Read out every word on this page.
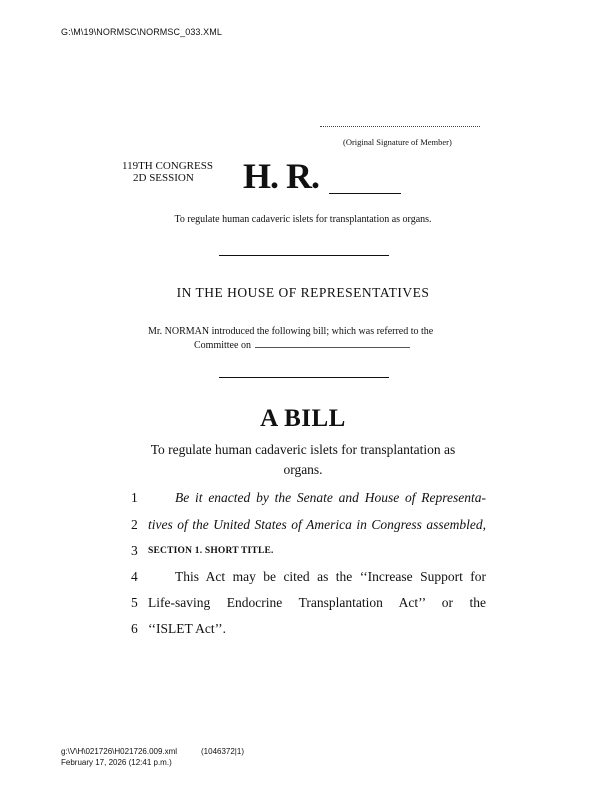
G:\M\19\NORMSC\NORMSC_033.XML
(Original Signature of Member)
119TH CONGRESS
2D SESSION H. R.
To regulate human cadaveric islets for transplantation as organs.
IN THE HOUSE OF REPRESENTATIVES
Mr. NORMAN introduced the following bill; which was referred to the
Committee on
A BILL
To regulate human cadaveric islets for transplantation as organs.
1	Be it enacted by the Senate and House of Representa-
2 tives of the United States of America in Congress assembled,
3 SECTION 1. SHORT TITLE.
4	This Act may be cited as the ‘‘Increase Support for
5 Life-saving Endocrine Transplantation Act’’ or the
6 ‘‘ISLET Act’’.
g:\V\H\021726\H021726.009.xml	(1046372|1)
February 17, 2026 (12:41 p.m.)
